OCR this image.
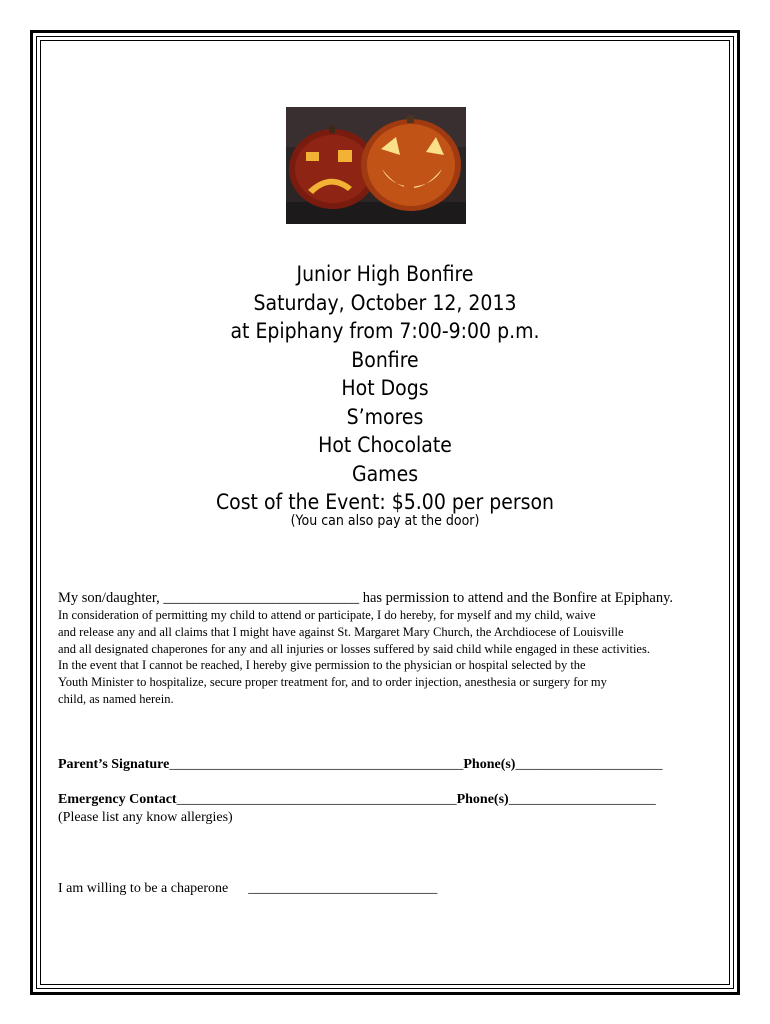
Junior High Bonfire
Saturday, October 12, 2013
at Epiphany from 7:00-9:00 p.m.
Bonfire
Hot Dogs
S’mores
Hot Chocolate
Games
Cost of the Event: $5.00 per person
(You can also pay at the door)
My son/daughter, ___________________________ has permission to attend and the Bonfire at Epiphany.
In consideration of permitting my child to attend or participate, I do hereby, for myself and my child, waive
and release any and all claims that I might have against St. Margaret Mary Church, the Archdiocese of Louisville
and all designated chaperones for any and all injuries or losses suffered by said child while engaged in these activities.
In the event that I cannot be reached, I hereby give permission to the physician or hospital selected by the
Youth Minister to hospitalize, secure proper treatment for, and to order injection, anesthesia or surgery for my
child, as named herein.
Parent’s Signature__________________________________________Phone(s)_____________________
Emergency Contact________________________________________Phone(s)_____________________
(Please list any know allergies)
I am willing to be a chaperone ___________________________
